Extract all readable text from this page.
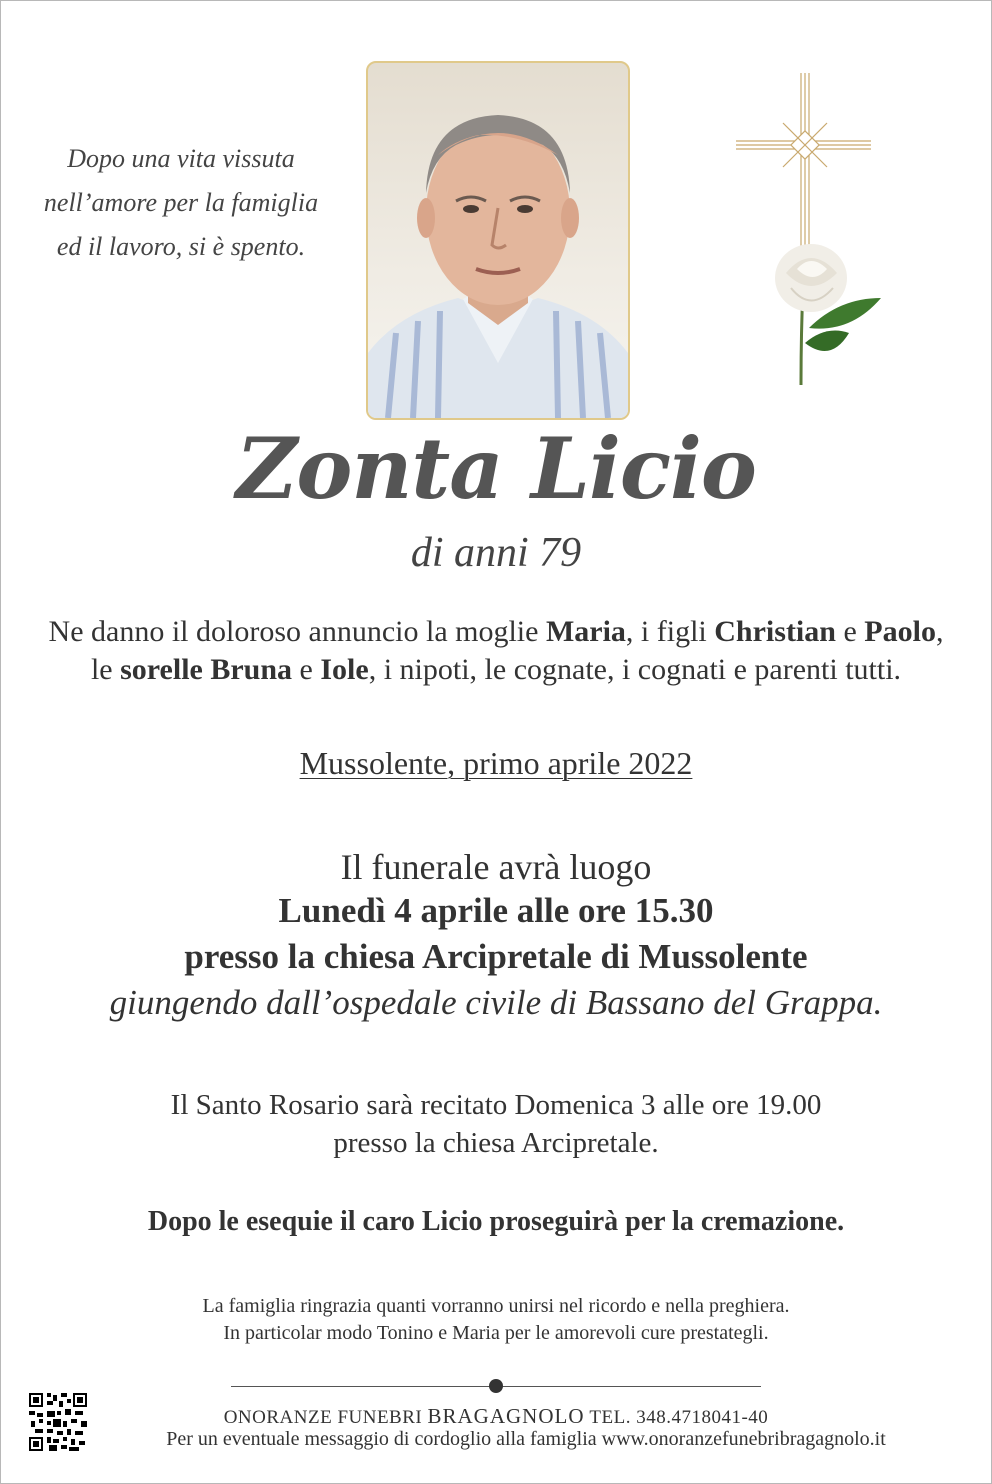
Dopo una vita vissuta
nell’amore per la famiglia
ed il lavoro, si è spento.
Zonta Licio
di anni 79
Ne danno il doloroso annuncio la moglie Maria, i figli Christian e Paolo,
le sorelle Bruna e Iole, i nipoti, le cognate, i cognati e parenti tutti.
Mussolente, primo aprile 2022
Il funerale avrà luogo
Lunedì 4 aprile alle ore 15.30
presso la chiesa Arcipretale di Mussolente
giungendo dall’ospedale civile di Bassano del Grappa.
Il Santo Rosario sarà recitato Domenica 3 alle ore 19.00
presso la chiesa Arcipretale.
Dopo le esequie il caro Licio proseguirà per la cremazione.
La famiglia ringrazia quanti vorranno unirsi nel ricordo e nella preghiera.
In particolar modo Tonino e Maria per le amorevoli cure prestategli.
ONORANZE FUNEBRI BRAGAGNOLO TEL. 348.4718041-40
Per un eventuale messaggio di cordoglio alla famiglia www.onoranzefunebribragagnolo.it
